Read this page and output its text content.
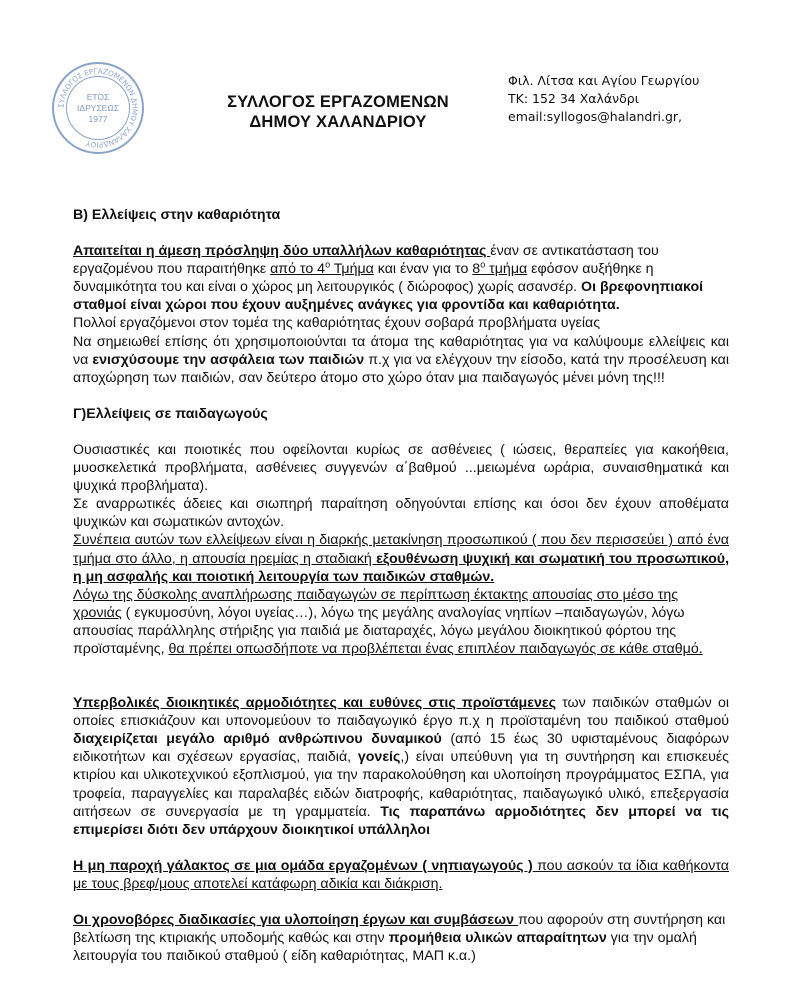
ΣΥΛΛΟΓΟΣ ΕΡΓΑΖΟΜΕΝΩΝ ΔΗΜΟΥ ΧΑΛΑΝΔΡΙΟΥ
ΕΤΟΣ
ΙΔΡΥΣΕΩΣ
1977
ΣΥΛΛΟΓΟΣ ΕΡΓΑΖΟΜΕΝΩΝ
ΔΗΜΟΥ ΧΑΛΑΝΔΡΙΟΥ
Φιλ. Λίτσα και Αγίου Γεωργίου
ΤΚ: 152 34 Χαλάνδρι
email:syllogos@halandri.gr,

Β) Ελλείψεις στην καθαριότητα

Απαιτείται η άμεση πρόσληψη δύο υπαλλήλων καθαριότητας έναν σε αντικατάσταση του εργαζομένου που παραιτήθηκε από το $4^o$ Τμήμα και έναν για το $8^o$ τμήμα εφόσον αυξήθηκε η δυναμικότητα του και είναι ο χώρος μη λειτουργικός ( διώροφος) χωρίς ασανσέρ. Οι βρεφονηπιακοί σταθμοί είναι χώροι που έχουν αυξημένες ανάγκες για φροντίδα και καθαριότητα.

Πολλοί εργαζόμενοι στον τομέα της καθαριότητας έχουν σοβαρά προβλήματα υγείας

Να σημειωθεί επίσης ότι χρησιμοποιούνται τα άτομα της καθαριότητας για να καλύψουμε ελλείψεις και να ενισχύσουμε την ασφάλεια των παιδιών π.χ για να ελέγχουν την είσοδο, κατά την προσέλευση και αποχώρηση των παιδιών, σαν δεύτερο άτομο στο χώρο όταν μια παιδαγωγός μένει μόνη της!!!

Γ)Ελλείψεις σε παιδαγωγούς

Ουσιαστικές και ποιοτικές που οφείλονται κυρίως σε ασθένειες ( ιώσεις, θεραπείες για κακοήθεια, μυοσκελετικά προβλήματα, ασθένειες συγγενών α΄βαθμού ...μειωμένα ωράρια, συναισθηματικά και ψυχικά προβλήματα).

Σε αναρρωτικές άδειες και σιωπηρή παραίτηση οδηγούνται επίσης και όσοι δεν έχουν αποθέματα ψυχικών και σωματικών αντοχών.

Συνέπεια αυτών των ελλείψεων είναι η διαρκής μετακίνηση προσωπικού ( που δεν περισσεύει ) από ένα τμήμα στο άλλο, η απουσία ηρεμίας η σταδιακή εξουθένωση ψυχική και σωματική του προσωπικού, η μη ασφαλής και ποιοτική λειτουργία των παιδικών σταθμών.

Λόγω της δύσκολης αναπλήρωσης παιδαγωγών σε περίπτωση έκτακτης απουσίας στο μέσο της χρονιάς ( εγκυμοσύνη, λόγοι υγείας…), λόγω της μεγάλης αναλογίας νηπίων –παιδαγωγών, λόγω απουσίας παράλληλης στήριξης για παιδιά με διαταραχές, λόγω μεγάλου διοικητικού φόρτου της προϊσταμένης, θα πρέπει οπωσδήποτε να προβλέπεται ένας επιπλέον παιδαγωγός σε κάθε σταθμό.

Υπερβολικές διοικητικές αρμοδιότητες και ευθύνες στις προϊστάμενες των παιδικών σταθμών οι οποίες επισκιάζουν και υπονομεύουν το παιδαγωγικό έργο π.χ η προϊσταμένη του παιδικού σταθμού διαχειρίζεται μεγάλο αριθμό ανθρώπινου δυναμικού (από 15 έως 30 υφισταμένους διαφόρων ειδικοτήτων και σχέσεων εργασίας, παιδιά, γονείς,) είναι υπεύθυνη για τη συντήρηση και επισκευές κτιρίου και υλικοτεχνικού εξοπλισμού, για την παρακολούθηση και υλοποίηση προγράμματος ΕΣΠΑ, για τροφεία, παραγγελίες και παραλαβές ειδών διατροφής, καθαριότητας, παιδαγωγικό υλικό, επεξεργασία αιτήσεων σε συνεργασία με τη γραμματεία. Τις παραπάνω αρμοδιότητες δεν μπορεί να τις επιμερίσει διότι δεν υπάρχουν διοικητικοί υπάλληλοι

Η μη παροχή γάλακτος σε μια ομάδα εργαζομένων ( νηπιαγωγούς ) που ασκούν τα ίδια καθήκοντα με τους βρεφ/μους αποτελεί κατάφωρη αδικία και διάκριση.

Οι χρονοβόρες διαδικασίες για υλοποίηση έργων και συμβάσεων που αφορούν στη συντήρηση και βελτίωση της κτιριακής υποδομής καθώς και στην προμήθεια υλικών απαραίτητων για την ομαλή λειτουργία του παιδικού σταθμού ( είδη καθαριότητας, ΜΑΠ κ.α.)
